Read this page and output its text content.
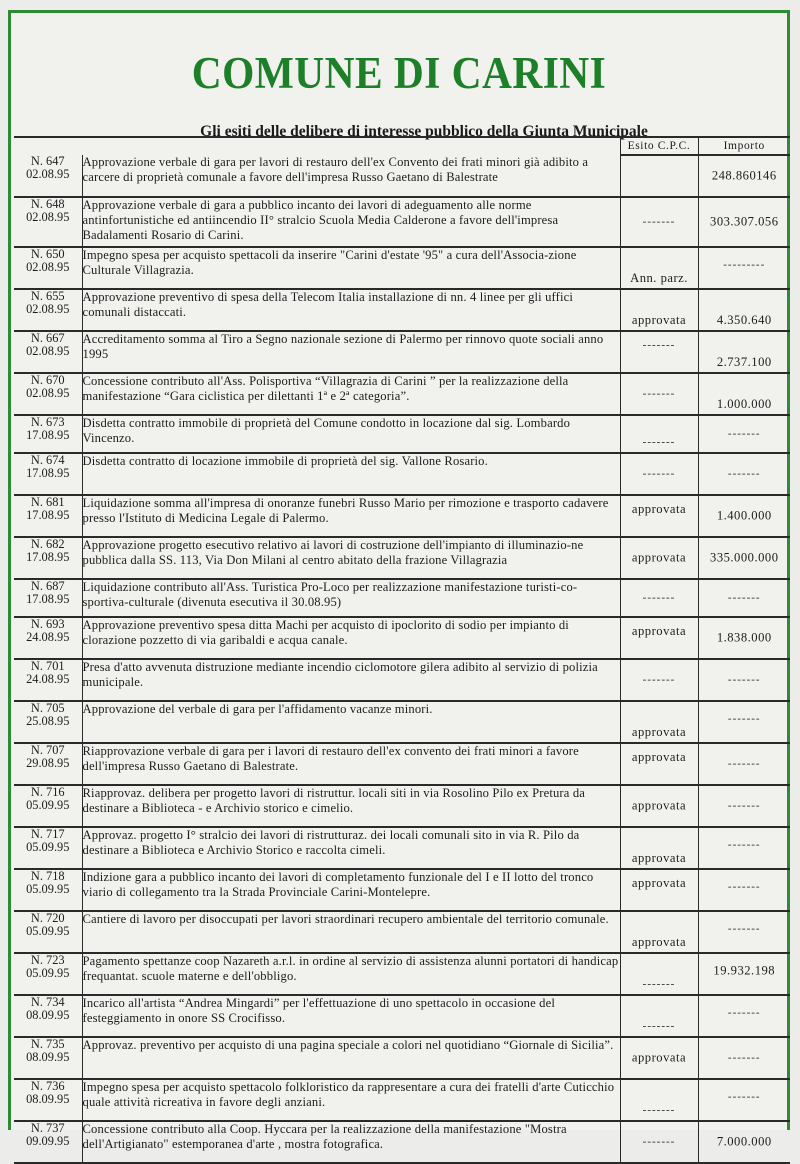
COMUNE DI CARINI
Gli esiti delle delibere di interesse pubblico della Giunta Municipale

		Esito C.P.C.	Importo

N. 647
02.08.95	Approvazione verbale di gara per lavori di restauro dell'ex Convento dei frati minori già adibito a carcere di proprietà comunale a favore dell'impresa Russo Gaetano di Balestrate		248.860146

N. 648
02.08.95	Approvazione verbale di gara a pubblico incanto dei lavori di adeguamento alle norme antinfortunistiche ed antiincendio II° stralcio Scuola Media Calderone a favore dell'impresa Badalamenti Rosario di Carini.	-------	303.307.056

N. 650
02.08.95	Impegno spesa per acquisto spettacoli da inserire "Carini d'estate '95" a cura dell'Associa-zione Culturale Villagrazia.	Ann. parz.	---------

N. 655
02.08.95	Approvazione preventivo di spesa della Telecom Italia installazione di nn. 4 linee per gli uffici comunali distaccati.	approvata	4.350.640

N. 667
02.08.95	Accreditamento somma al Tiro a Segno nazionale sezione di Palermo per rinnovo quote sociali anno 1995	-------	2.737.100

N. 670
02.08.95	Concessione contributo all'Ass. Polisportiva “Villagrazia di Carini ” per la realizzazione della manifestazione “Gara ciclistica per dilettanti 1ª e 2ª categoria”.	-------	1.000.000

N. 673
17.08.95	Disdetta contratto immobile di proprietà del Comune condotto in locazione dal sig. Lombardo Vincenzo.	-------	-------

N. 674
17.08.95	Disdetta contratto di locazione immobile di proprietà del sig. Vallone Rosario.	-------	-------

N. 681
17.08.95	Liquidazione somma all'impresa di onoranze funebri Russo Mario per rimozione e trasporto cadavere presso l'Istituto di Medicina Legale di Palermo.	approvata	1.400.000

N. 682
17.08.95	Approvazione progetto esecutivo relativo ai lavori di costruzione dell'impianto di illuminazio-ne pubblica dalla SS. 113, Via Don Milani al centro abitato della frazione Villagrazia	approvata	335.000.000

N. 687
17.08.95	Liquidazione contributo all'Ass. Turistica Pro-Loco per realizzazione manifestazione turisti-co-sportiva-culturale (divenuta esecutiva il 30.08.95)	-------	-------

N. 693
24.08.95	Approvazione preventivo spesa ditta Machi per acquisto di ipoclorito di sodio per impianto di clorazione pozzetto di via garibaldi e acqua canale.	approvata	1.838.000

N. 701
24.08.95	Presa d'atto avvenuta distruzione mediante incendio ciclomotore gilera adibito al servizio di polizia municipale.	-------	-------

N. 705
25.08.95	Approvazione del verbale di gara per l'affidamento vacanze minori.	approvata	-------

N. 707
29.08.95	Riapprovazione verbale di gara per i lavori di restauro dell'ex convento dei frati minori a favore dell'impresa Russo Gaetano di Balestrate.	approvata	-------

N. 716
05.09.95	Riapprovaz. delibera per progetto lavori di ristruttur. locali siti in via Rosolino Pilo ex Pretura da destinare a Biblioteca - e Archivio storico e cimelio.	approvata	-------

N. 717
05.09.95	Approvaz. progetto I° stralcio dei lavori di ristrutturaz. dei locali comunali sito in via R. Pilo da destinare a Biblioteca e Archivio Storico e raccolta cimeli.	approvata	-------

N. 718
05.09.95	Indizione gara a pubblico incanto dei lavori di completamento funzionale del I e II lotto del tronco viario di collegamento tra la Strada Provinciale Carini-Montelepre.	approvata	-------

N. 720
05.09.95	Cantiere di lavoro per disoccupati per lavori straordinari recupero ambientale del territorio comunale.	approvata	-------

N. 723
05.09.95	Pagamento spettanze coop Nazareth a.r.l. in ordine al servizio di assistenza alunni portatori di handicap frequantat. scuole materne e dell'obbligo.	-------	19.932.198

N. 734
08.09.95	Incarico all'artista “Andrea Mingardi” per l'effettuazione di uno spettacolo in occasione del festeggiamento in onore SS Crocifisso.	-------	-------

N. 735
08.09.95	Approvaz. preventivo per acquisto di una pagina speciale a colori nel quotidiano “Giornale di Sicilia”.	approvata	-------

N. 736
08.09.95	Impegno spesa per acquisto spettacolo folkloristico da rappresentare a cura dei fratelli d'arte Cuticchio quale attività ricreativa in favore degli anziani.	-------	-------

N. 737
09.09.95	Concessione contributo alla Coop. Hyccara per la realizzazione della manifestazione "Mostra dell'Artigianato" estemporanea d'arte , mostra fotografica.	-------	7.000.000
